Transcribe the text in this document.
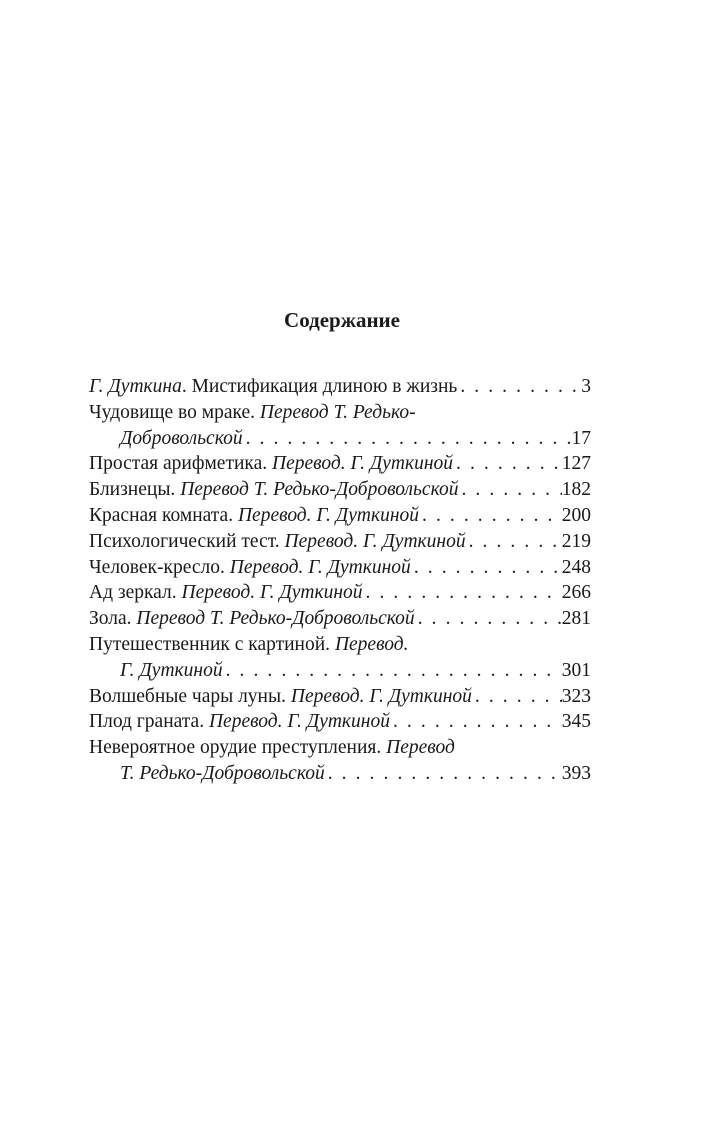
Содержание
Г. Дуткина. Мистификация длиною в жизнь . . .	3
Чудовище во мраке. Перевод Т. Редько-
Добровольской . . .	17
Простая арифметика. Перевод. Г. Дуткиной . . .	127
Близнецы. Перевод Т. Редько-Добровольской . . .	182
Красная комната. Перевод. Г. Дуткиной . . .	200
Психологический тест. Перевод. Г. Дуткиной . . .	219
Человек-кресло. Перевод. Г. Дуткиной . . .	248
Ад зеркал. Перевод. Г. Дуткиной . . .	266
Зола. Перевод Т. Редько-Добровольской . . .	281
Путешественник с картиной. Перевод.
Г. Дуткиной . . .	301
Волшебные чары луны. Перевод. Г. Дуткиной . . .	323
Плод граната. Перевод. Г. Дуткиной . . .	345
Невероятное орудие преступления. Перевод
Т. Редько-Добровольской . . .	393
